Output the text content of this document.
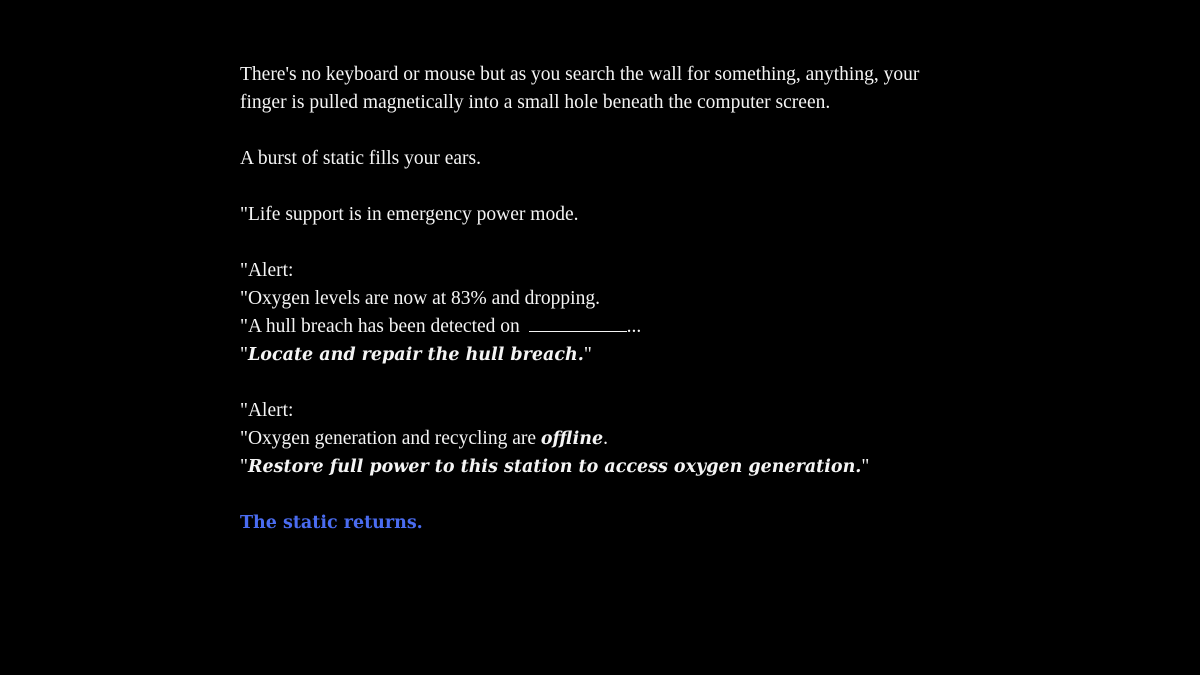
There's no keyboard or mouse but as you search the wall for something, anything, your finger is pulled magnetically into a small hole beneath the computer screen.

A burst of static fills your ears.

"Life support is in emergency power mode.

"Alert:
"Oxygen levels are now at 83% and dropping.
"A hull breach has been detected on	...
"Locate and repair the hull breach."
"Alert:
"Oxygen generation and recycling are offline.
"Restore full power to this station to access oxygen generation."
The static returns.
